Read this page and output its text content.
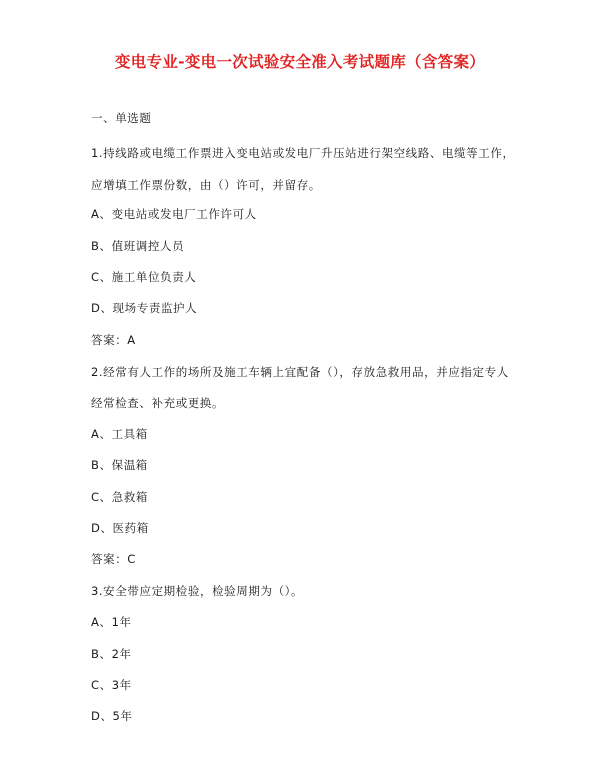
变电专业-变电一次试验安全准入考试题库（含答案）
一、单选题
1.持线路或电缆工作票进入变电站或发电厂升压站进行架空线路、电缆等工作，
应增填工作票份数，由（）许可，并留存。
A、变电站或发电厂工作许可人
B、值班调控人员
C、施工单位负责人
D、现场专责监护人
答案：A
2.经常有人工作的场所及施工车辆上宜配备（），存放急救用品，并应指定专人
经常检查、补充或更换。
A、工具箱
B、保温箱
C、急救箱
D、医药箱
答案：C
3.安全带应定期检验，检验周期为（）。
A、1年
B、2年
C、3年
D、5年
